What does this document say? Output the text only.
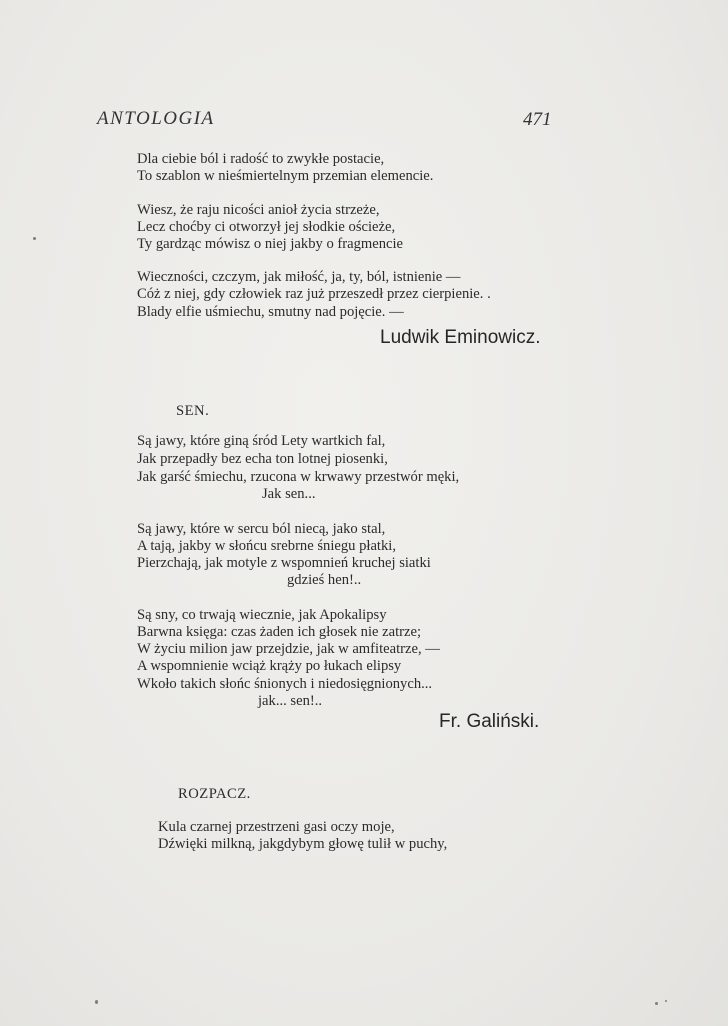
ANTOLOGIA	471
Dla ciebie ból i radość to zwykłe postacie,
To szablon w nieśmiertelnym przemian elemencie.
Wiesz, że raju nicości anioł życia strzeże,
Lecz choćby ci otworzył jej słodkie ościeże,
Ty gardząc mówisz o niej jakby o fragmencie
Wieczności, czczym, jak miłość, ja, ty, ból, istnienie —
Cóż z niej, gdy człowiek raz już przeszedł przez cierpienie. .
Blady elfie uśmiechu, smutny nad pojęcie. —
Ludwik Eminowicz.
SEN.
Są jawy, które giną śród Lety wartkich fal,
Jak przepadły bez echa ton lotnej piosenki,
Jak garść śmiechu, rzucona w krwawy przestwór męki,
Jak sen...
Są jawy, które w sercu ból niecą, jako stal,
A tają, jakby w słońcu srebrne śniegu płatki,
Pierzchają, jak motyle z wspomnień kruchej siatki
gdzieś hen!..
Są sny, co trwają wiecznie, jak Apokalipsy
Barwna księga: czas żaden ich głosek nie zatrze;
W życiu milion jaw przejdzie, jak w amfiteatrze, —
A wspomnienie wciąż krąży po łukach elipsy
Wkoło takich słońc śnionych i niedosięgnionych...
jak... sen!..
Fr. Galiński.
ROZPACZ.
Kula czarnej przestrzeni gasi oczy moje,
Dźwięki milkną, jakgdybym głowę tulił w puchy,
